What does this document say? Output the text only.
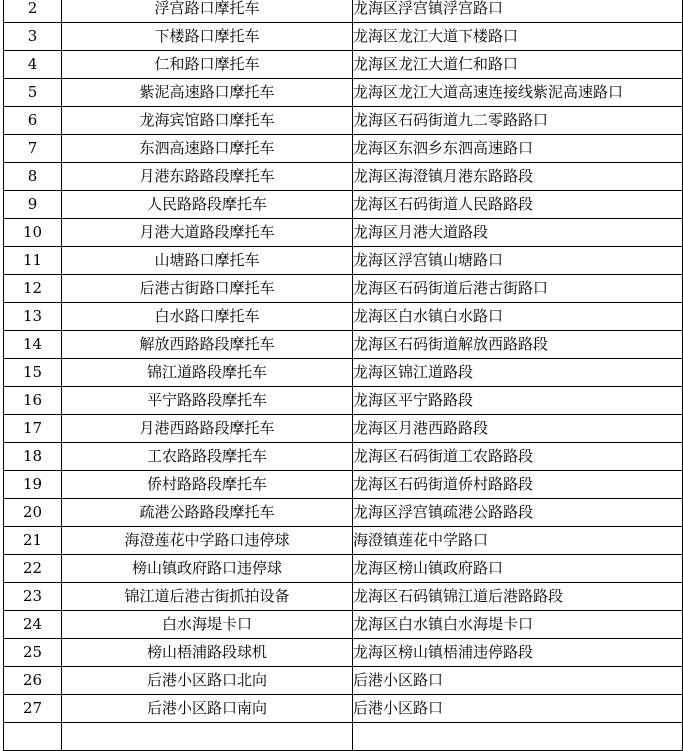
2	浮宫路口摩托车	龙海区浮宫镇浮宫路口
3	下楼路口摩托车	龙海区龙江大道下楼路口
4	仁和路口摩托车	龙海区龙江大道仁和路口
5	紫泥高速路口摩托车	龙海区龙江大道高速连接线紫泥高速路口
6	龙海宾馆路口摩托车	龙海区石码街道九二零路路口
7	东泗高速路口摩托车	龙海区东泗乡东泗高速路口
8	月港东路路段摩托车	龙海区海澄镇月港东路路段
9	人民路路段摩托车	龙海区石码街道人民路路段
10	月港大道路段摩托车	龙海区月港大道路段
11	山塘路口摩托车	龙海区浮宫镇山塘路口
12	后港古街路口摩托车	龙海区石码街道后港古街路口
13	白水路口摩托车	龙海区白水镇白水路口
14	解放西路路段摩托车	龙海区石码街道解放西路路段
15	锦江道路段摩托车	龙海区锦江道路段
16	平宁路路段摩托车	龙海区平宁路路段
17	月港西路路段摩托车	龙海区月港西路路段
18	工农路路段摩托车	龙海区石码街道工农路路段
19	侨村路路段摩托车	龙海区石码街道侨村路路段
20	疏港公路路段摩托车	龙海区浮宫镇疏港公路路段
21	海澄莲花中学路口违停球	海澄镇莲花中学路口
22	榜山镇政府路口违停球	龙海区榜山镇政府路口
23	锦江道后港古街抓拍设备	龙海区石码镇锦江道后港路路段
24	白水海堤卡口	龙海区白水镇白水海堤卡口
25	榜山梧浦路段球机	龙海区榜山镇梧浦违停路段
26	后港小区路口北向	后港小区路口
27	后港小区路口南向	后港小区路口
